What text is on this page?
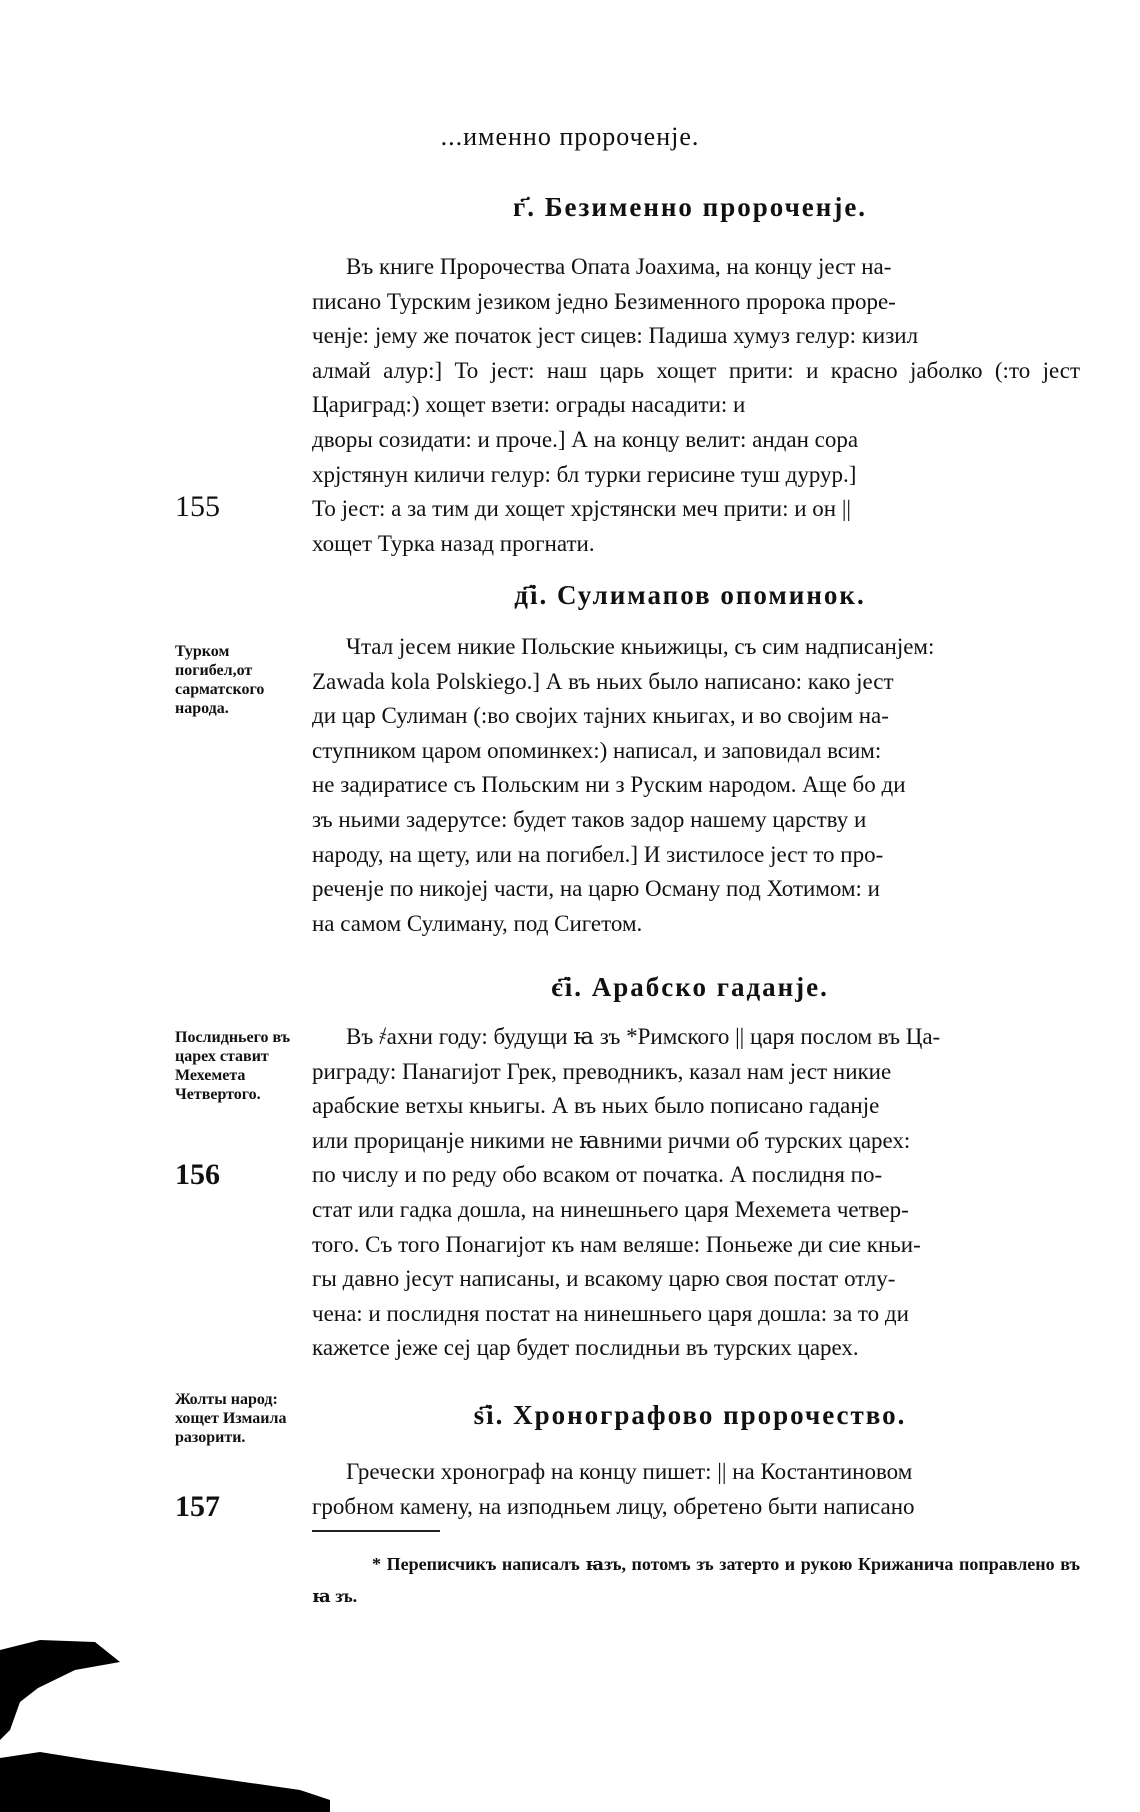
...именно пророченје.
г҃. Безименно пророченје.

Въ книге Пророчества Опата Јоахима, на концу јест на-

писано Турским језиком једно Безименного пророка проре-

ченје: јему же початок јест сицев: Падиша хумуз гелур: кизил

алмай алур:] То јест: наш царь хощет прити: и красно јаболко (:то јест Цариград:) хощет взети: ограды насадити: и

дворы созидати: и проче.] А на концу велит: андан сора

хрјстянун киличи гелур: бл турки герисине туш дурур.]

То јест: а за тим ди хощет хрјстянски меч прити: и он ||

хощет Турка назад прогнати.

155
д҃і. Сулимапов опоминок.
Турком погибел,от сарматского народа.

Чтал јесем никие Польские кньижицы, съ сим надписанјем:

Zawada kola Polskiego.] А въ ньих было написано: како јест

ди цар Сулиман (:во својих тајних кньигах, и во својим на-

ступником царом опоминкех:) написал, и заповидал всим:

не задиратисе съ Польским ни з Руским народом. Аще бо ди

зъ ньими задерутсе: будет таков задор нашему царству и

народу, на щету, или на погибел.] И зистилосе јест то про-

реченје по никојеј части, на царю Осману под Хотимом: и

на самом Сулиману, под Сигетом.

є҃і. Арабско гаданје.
Послидньего въ царех ставит Мехемета Четвертого.
156

Въ ҂ахни году: будущи ꙗ зъ *Римского || царя послом въ Ца-

риграду: Панагијот Грек, преводникъ, казал нам јест никие

арабские ветхы кньигы. А въ ньих было пописано гаданје

или прорицанје никими не ꙗвними ричми об турских царех:

по числу и по реду обо всаком от початка. А послидня по-

стат или гадка дошла, на нинешньего царя Мехемета четвер-

того. Съ того Понагијот къ нам веляше: Поньеже ди сие кньи-

гы давно јесут написаны, и всакому царю своя постат отлу-

чена: и послидня постат на нинешньего царя дошла: за то ди

кажетсе јеже сеј цар будет послидньи въ турских царех.

Жолты народ: хощет Измаила разорити.
157
ѕ҃і. Хронографово пророчество.

Гречески хронограф на концу пишет: || на Костантиновом

гробном камену, на изподньем лицу, обретено быти написано

* Переписчикъ написалъ ꙗзъ, потомъ зъ затерто и рукою Крижанича поправлено въ ꙗ зъ.
